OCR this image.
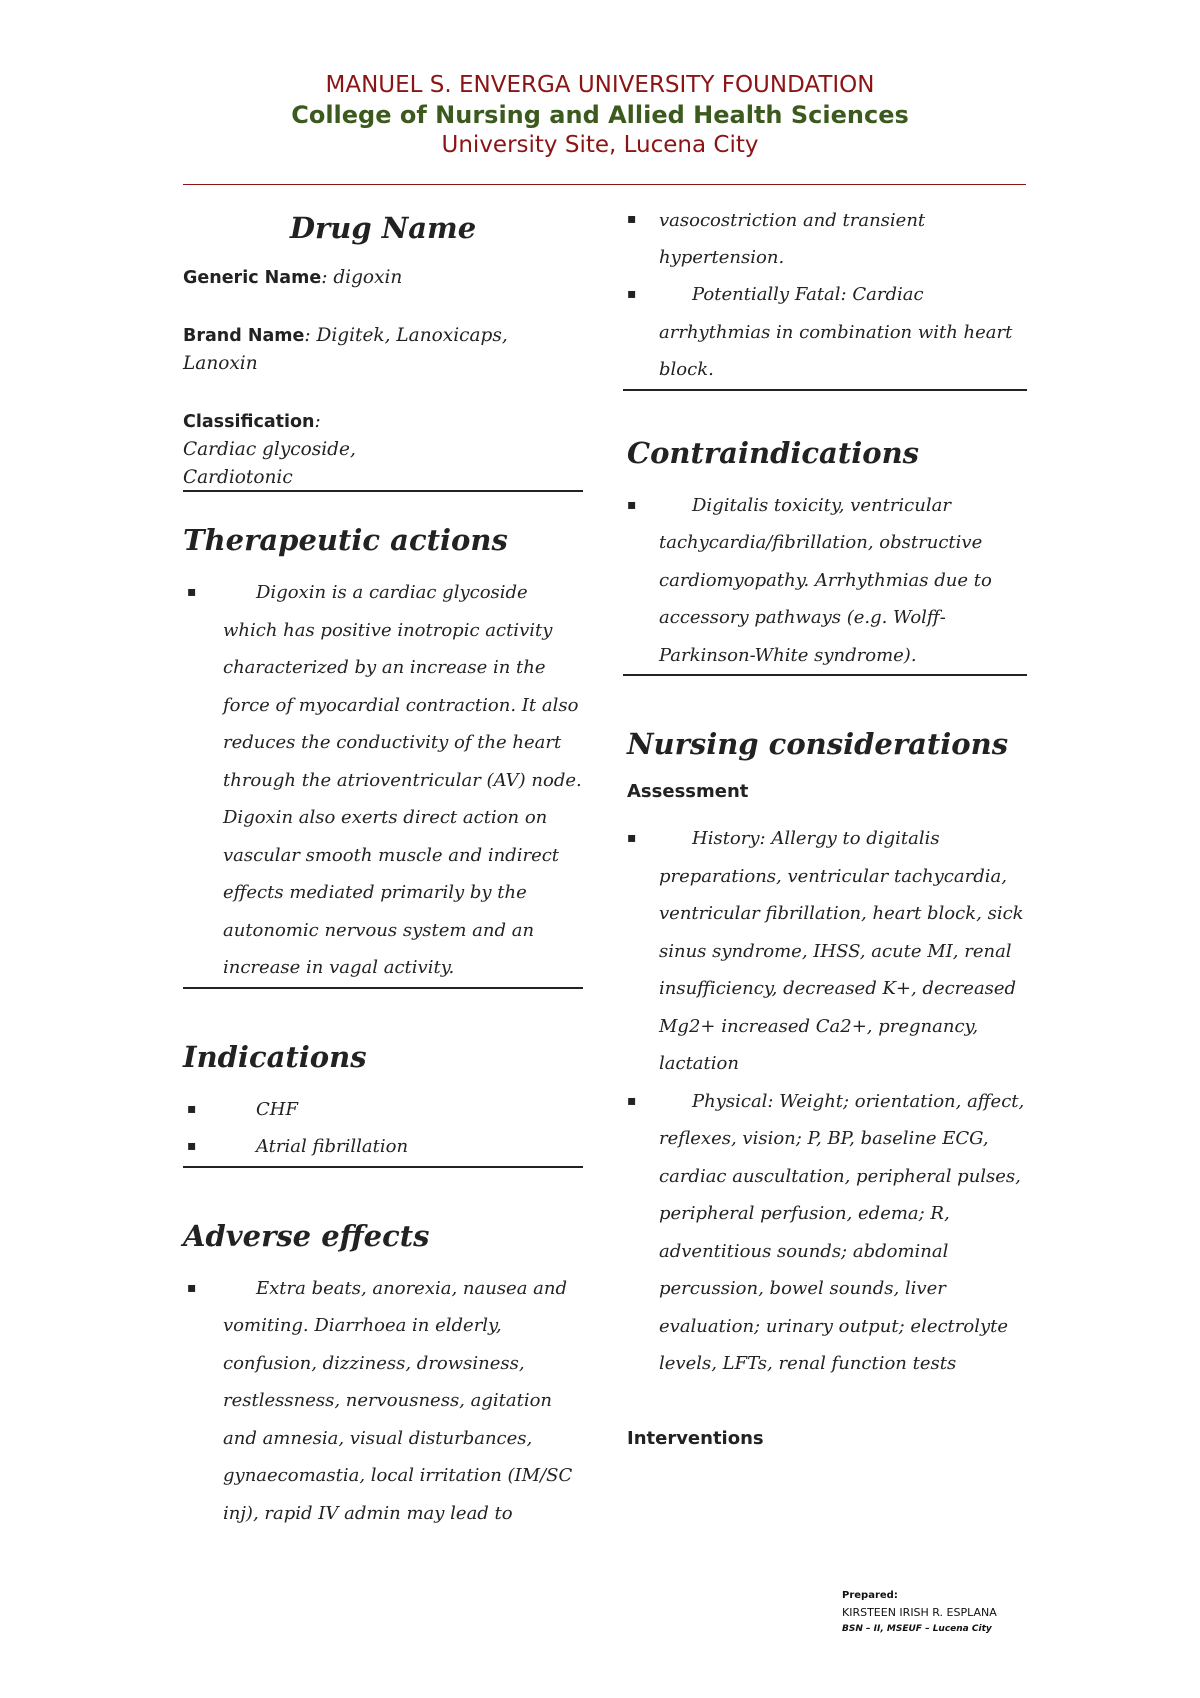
MANUEL S. ENVERGA UNIVERSITY FOUNDATION
College of Nursing and Allied Health Sciences
University Site, Lucena City
Drug Name

Generic Name: digoxin

Brand Name: Digitek, Lanoxicaps, Lanoxin

Classification: Cardiac glycoside, Cardiotonic

Therapeutic actions
▪ Digoxin is a cardiac glycoside which has positive inotropic activity characterized by an increase in the force of myocardial contraction. It also reduces the conductivity of the heart through the atrioventricular (AV) node. Digoxin also exerts direct action on vascular smooth muscle and indirect effects mediated primarily by the autonomic nervous system and an increase in vagal activity.
Indications
▪ CHF
▪ Atrial fibrillation
Adverse effects
▪ Extra beats, anorexia, nausea and vomiting. Diarrhoea in elderly, confusion, dizziness, drowsiness, restlessness, nervousness, agitation and amnesia, visual disturbances, gynaecomastia, local irritation (IM/SC inj), rapid IV admin may lead to
▪ vasocostriction and transient hypertension.
▪ Potentially Fatal: Cardiac arrhythmias in combination with heart block.
Contraindications
▪ Digitalis toxicity, ventricular tachycardia/fibrillation, obstructive cardiomyopathy. Arrhythmias due to accessory pathways (e.g. Wolff-Parkinson-White syndrome).
Nursing considerations

Assessment

▪ History: Allergy to digitalis preparations, ventricular tachycardia, ventricular fibrillation, heart block, sick sinus syndrome, IHSS, acute MI, renal insufficiency, decreased K+, decreased Mg2+ increased Ca2+, pregnancy, lactation
▪ Physical: Weight; orientation, affect, reflexes, vision; P, BP, baseline ECG, cardiac auscultation, peripheral pulses, peripheral perfusion, edema; R, adventitious sounds; abdominal percussion, bowel sounds, liver evaluation; urinary output; electrolyte levels, LFTs, renal function tests

Interventions

Prepared:
KIRSTEEN IRISH R. ESPLANA
BSN – II, MSEUF – Lucena City
